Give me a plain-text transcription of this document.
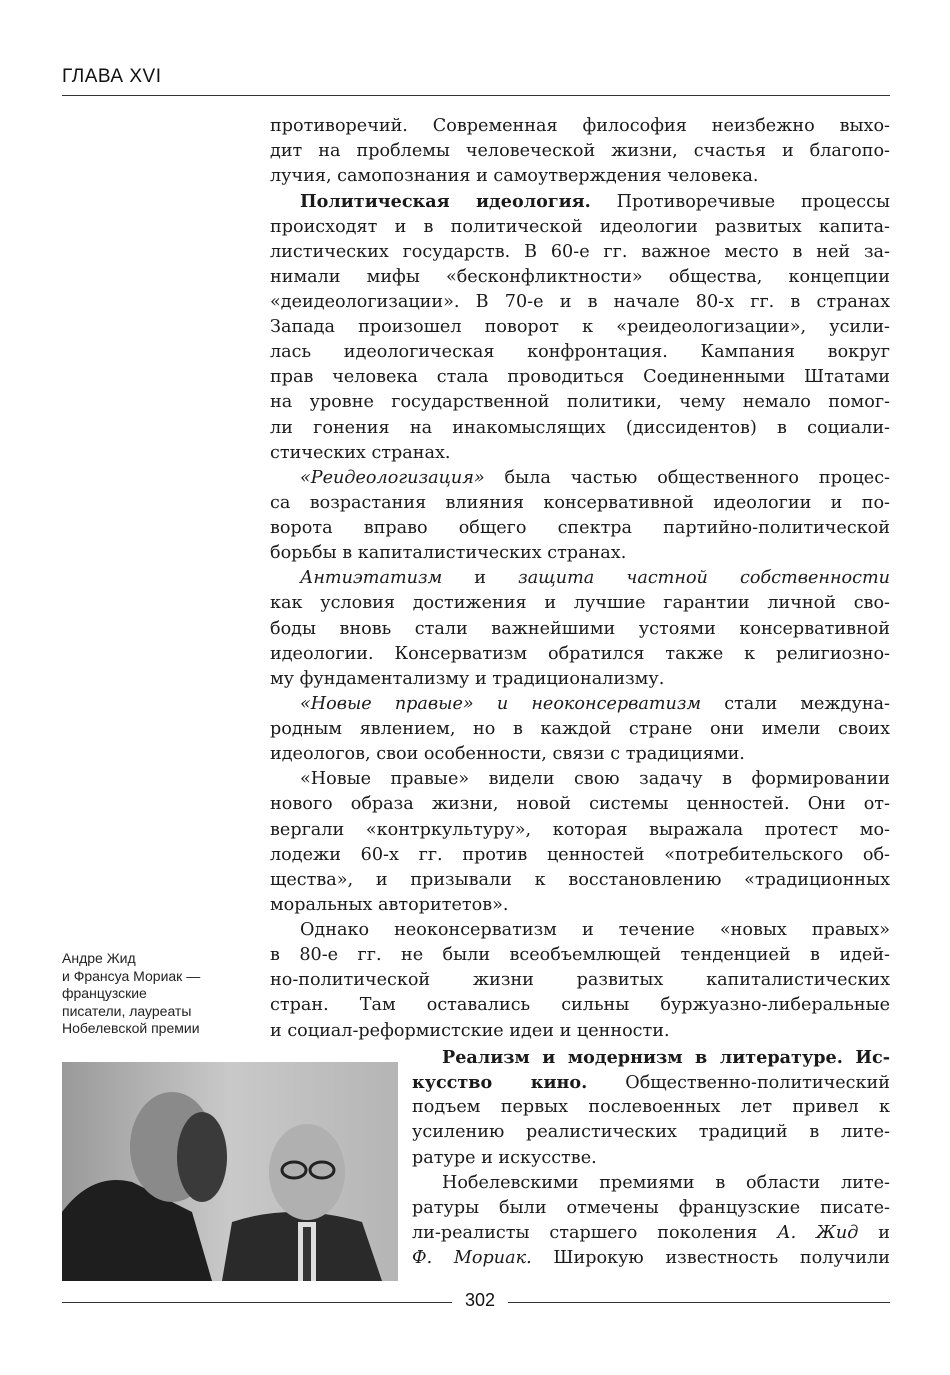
ГЛАВА XVI
противоречий. Современная философия неизбежно выхо-
дит на проблемы человеческой жизни, счастья и благопо-
лучия, самопознания и самоутверждения человека.
Политическая идеология. Противоречивые процессы
происходят и в политической идеологии развитых капита-
листических государств. В 60-е гг. важное место в ней за-
нимали мифы «бесконфликтности» общества, концепции
«деидеологизации». В 70-е и в начале 80-х гг. в странах
Запада произошел поворот к «реидеологизации», усили-
лась идеологическая конфронтация. Кампания вокруг
прав человека стала проводиться Соединенными Штатами
на уровне государственной политики, чему немало помог-
ли гонения на инакомыслящих (диссидентов) в социали-
стических странах.
«Реидеологизация» была частью общественного процес-
са возрастания влияния консервативной идеологии и по-
ворота вправо общего спектра партийно-политической
борьбы в капиталистических странах.
Антиэтатизм и защита частной собственности
как условия достижения и лучшие гарантии личной сво-
боды вновь стали важнейшими устоями консервативной
идеологии. Консерватизм обратился также к религиозно-
му фундаментализму и традиционализму.
«Новые правые» и неоконсерватизм стали междуна-
родным явлением, но в каждой стране они имели своих
идеологов, свои особенности, связи с традициями.
«Новые правые» видели свою задачу в формировании
нового образа жизни, новой системы ценностей. Они от-
вергали «контркультуру», которая выражала протест мо-
лодежи 60-х гг. против ценностей «потребительского об-
щества», и призывали к восстановлению «традиционных
моральных авторитетов».
Однако неоконсерватизм и течение «новых правых»
в 80-е гг. не были всеобъемлющей тенденцией в идей-
но-политической жизни развитых капиталистических
стран. Там оставались сильны буржуазно-либеральные
и социал-реформистские идеи и ценности.
Андре Жид
и Франсуа Мориак —
французские
писатели, лауреаты
Нобелевской премии
Реализм и модернизм в литературе. Ис-
кусство кино. Общественно-политический
подъем первых послевоенных лет привел к
усилению реалистических традиций в лите-
ратуре и искусстве.
Нобелевскими премиями в области лите-
ратуры были отмечены французские писате-
ли-реалисты старшего поколения А. Жид и
Ф. Мориак. Широкую известность получили
302
